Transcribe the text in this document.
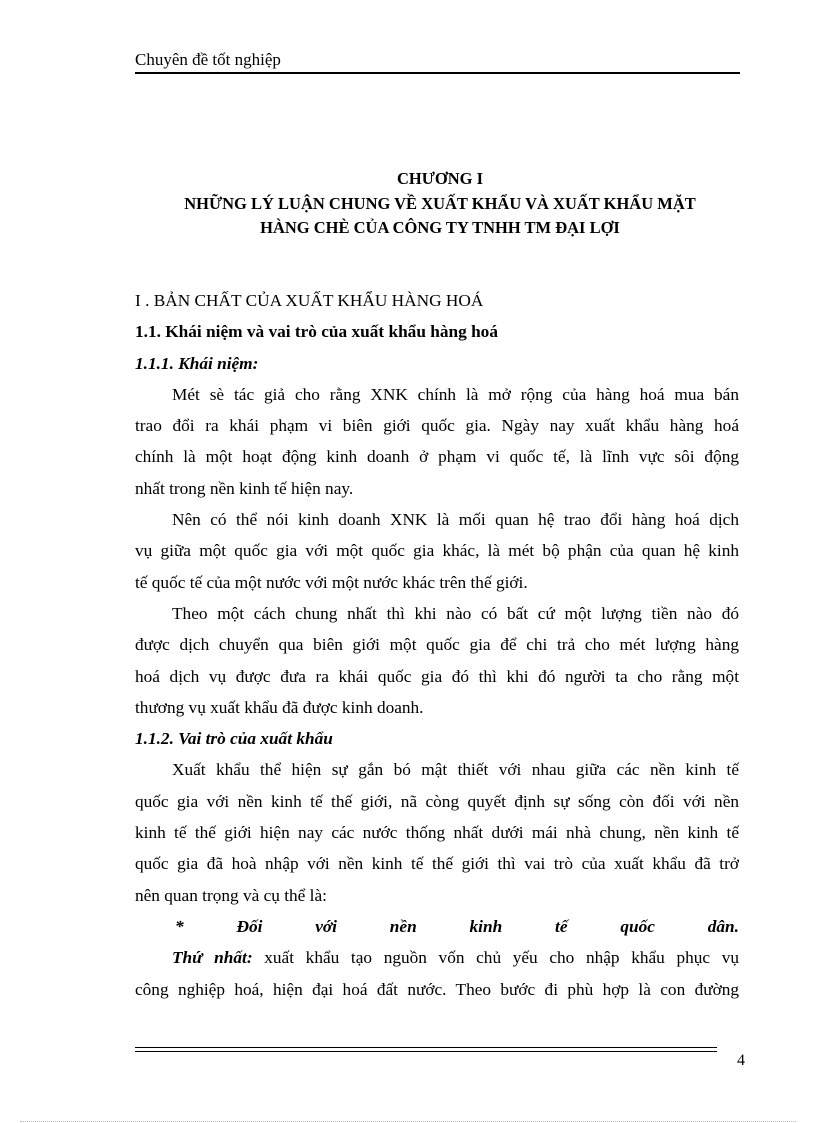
Chuyên đề tốt nghiệp
CHƯƠNG I
NHỮNG LÝ LUẬN CHUNG VỀ XUẤT KHẨU VÀ XUẤT KHẨU MẶT
HÀNG CHÈ CỦA CÔNG TY TNHH TM ĐẠI LỢI
I . BẢN CHẤT CỦA XUẤT KHẨU HÀNG HOÁ
1.1. Khái niệm và vai trò của xuất khẩu hàng hoá
1.1.1. Khái niệm:
Mét sè tác giả cho rằng XNK chính là mở rộng của hàng hoá mua bán
trao đổi ra khái phạm vi biên giới quốc gia. Ngày nay xuất khẩu hàng hoá
chính là một hoạt động kinh doanh ở phạm vi quốc tế, là lĩnh vực sôi động
nhất trong nền kinh tế hiện nay.
Nên có thể nói kinh doanh XNK là mối quan hệ trao đổi hàng hoá dịch
vụ giữa một quốc gia với một quốc gia khác, là mét bộ phận của quan hệ kinh
tế quốc tế của một nước với một nước khác trên thế giới.
Theo một cách chung nhất thì khi nào có bất cứ một lượng tiền nào đó
được dịch chuyển qua biên giới một quốc gia để chi trả cho mét lượng hàng
hoá dịch vụ được đưa ra khái quốc gia đó thì khi đó người ta cho rằng một
thương vụ xuất khẩu đã được kinh doanh.
1.1.2. Vai trò của xuất khẩu
Xuất khẩu thể hiện sự gắn bó mật thiết với nhau giữa các nền kinh tế
quốc gia với nền kinh tế thế giới, nã còng quyết định sự sống còn đối với nền
kinh tế thế giới hiện nay các nước thống nhất dưới mái nhà chung, nền kinh tế
quốc gia đã hoà nhập với nền kinh tế thế giới thì vai trò của xuất khẩu đã trở
nên quan trọng và cụ thể là:
*	Đối	với	nền	kinh	tế	quốc	dân.
Thứ nhất: xuất khẩu tạo nguồn vốn chủ yếu cho nhập khẩu phục vụ
công nghiệp hoá, hiện đại hoá đất nước. Theo bước đi phù hợp là con đường
4
